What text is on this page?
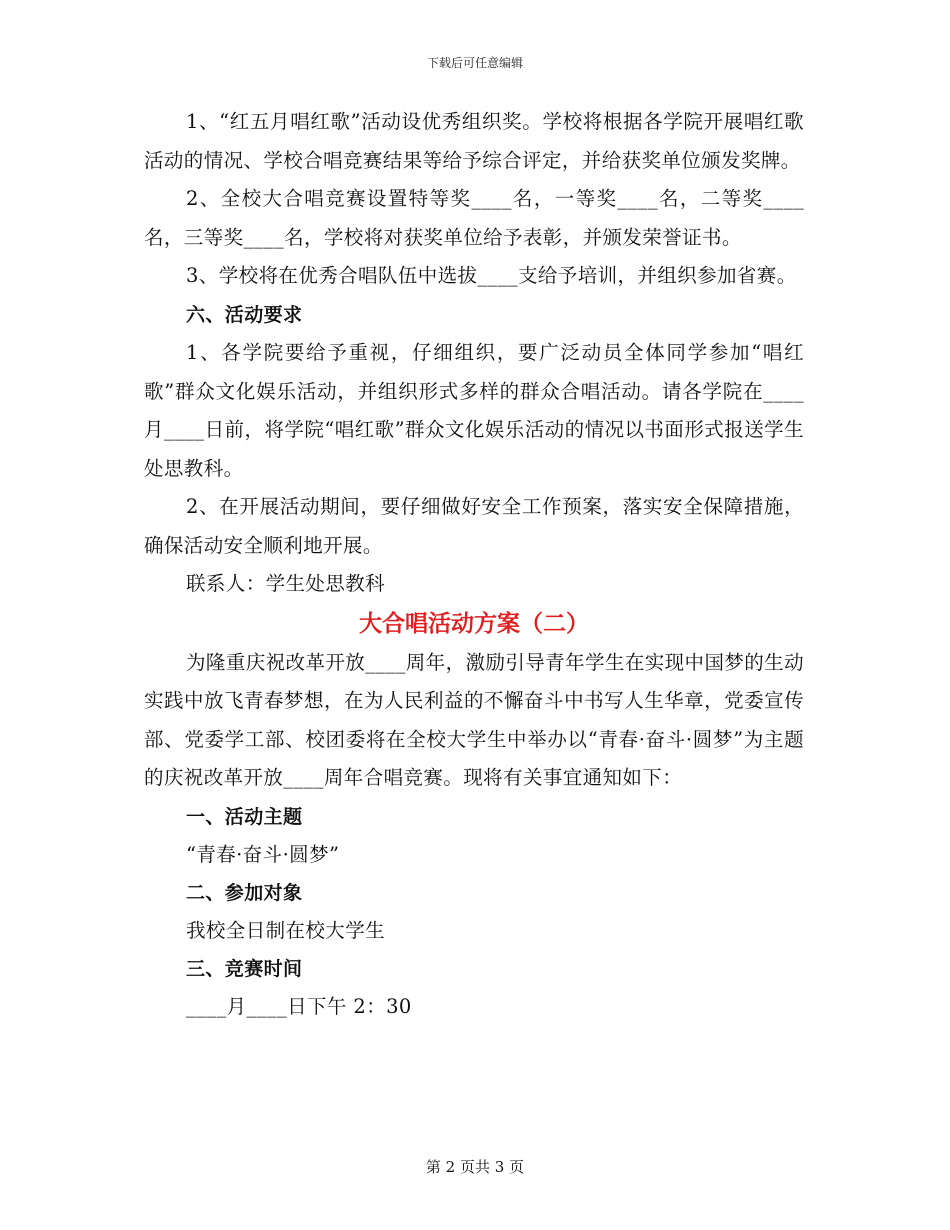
下载后可任意编辑

1、“红五月唱红歌”活动设优秀组织奖。学校将根据各学院开展唱红歌活动的情况、学校合唱竞赛结果等给予综合评定，并给获奖单位颁发奖牌。

2、全校大合唱竞赛设置特等奖____名，一等奖____名，二等奖____名，三等奖____名，学校将对获奖单位给予表彰，并颁发荣誉证书。

3、学校将在优秀合唱队伍中选拔____支给予培训，并组织参加省赛。

六、活动要求

1、各学院要给予重视，仔细组织，要广泛动员全体同学参加“唱红歌”群众文化娱乐活动，并组织形式多样的群众合唱活动。请各学院在____月____日前，将学院“唱红歌”群众文化娱乐活动的情况以书面形式报送学生处思教科。

2、在开展活动期间，要仔细做好安全工作预案，落实安全保障措施，确保活动安全顺利地开展。

联系人：学生处思教科

大合唱活动方案（二）

为隆重庆祝改革开放____周年，激励引导青年学生在实现中国梦的生动实践中放飞青春梦想，在为人民利益的不懈奋斗中书写人生华章，党委宣传部、党委学工部、校团委将在全校大学生中举办以“青春·奋斗·圆梦”为主题的庆祝改革开放____周年合唱竞赛。现将有关事宜通知如下：

一、活动主题

“青春·奋斗·圆梦”

二、参加对象

我校全日制在校大学生

三、竞赛时间

____月____日下午 2：30

第 2 页共 3 页
